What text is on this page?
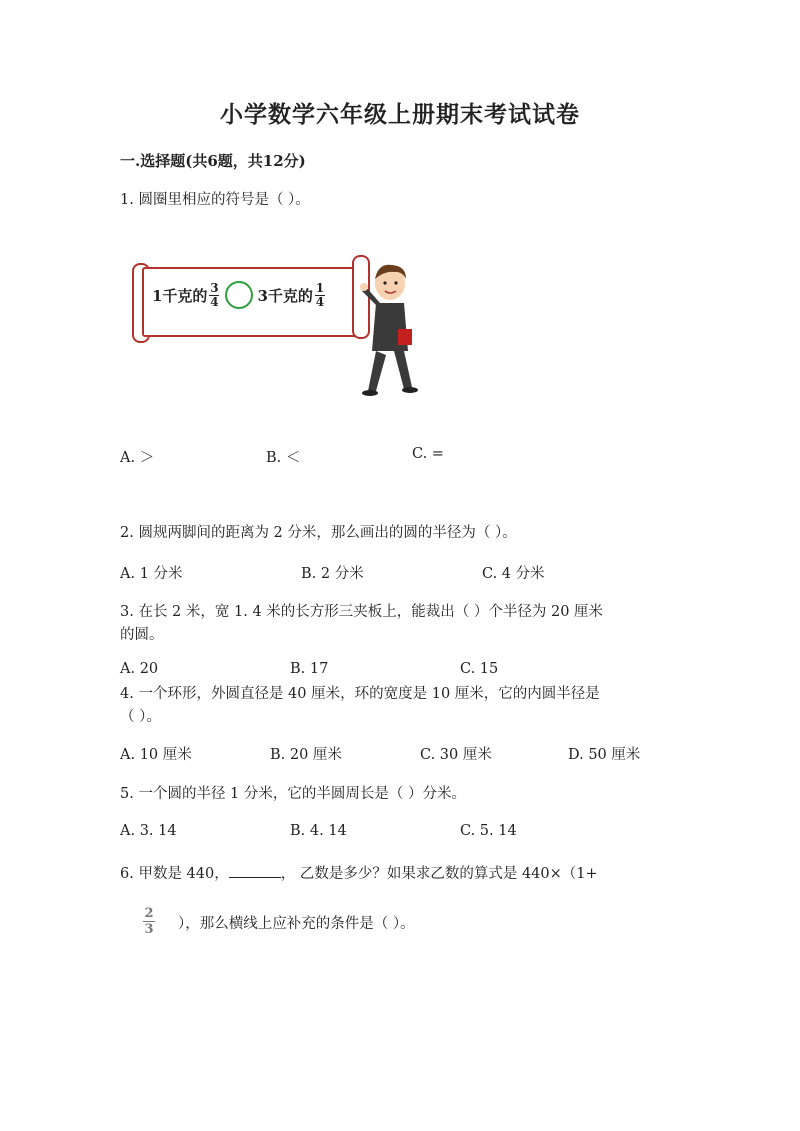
小学数学六年级上册期末考试试卷
一.选择题(共6题，共12分)
1. 圆圈里相应的符号是（ ）。
1千克的 $\frac{3}{4}$	3千克的 $\frac{1}{4}$
A. ＞	B. ＜	C. =
2. 圆规两脚间的距离为 2 分米，那么画出的圆的半径为（ ）。
A. 1 分米	B. 2 分米	C. 4 分米
3. 在长 2 米，宽 1. 4 米的长方形三夹板上，能裁出（ ）个半径为 20 厘米
的圆。
A. 20	B. 17	C. 15
4. 一个环形，外圆直径是 40 厘米，环的宽度是 10 厘米，它的内圆半径是
（ ）。
A. 10 厘米	B. 20 厘米	C. 30 厘米	D. 50 厘米
5. 一个圆的半径 1 分米，它的半圆周长是（ ）分米。
A. 3. 14	B. 4. 14	C. 5. 14
6. 甲数是 440，	， 乙数是多少？如果求乙数的算式是 440×（1+
2
3 ），那么横线上应补充的条件是（ ）。
